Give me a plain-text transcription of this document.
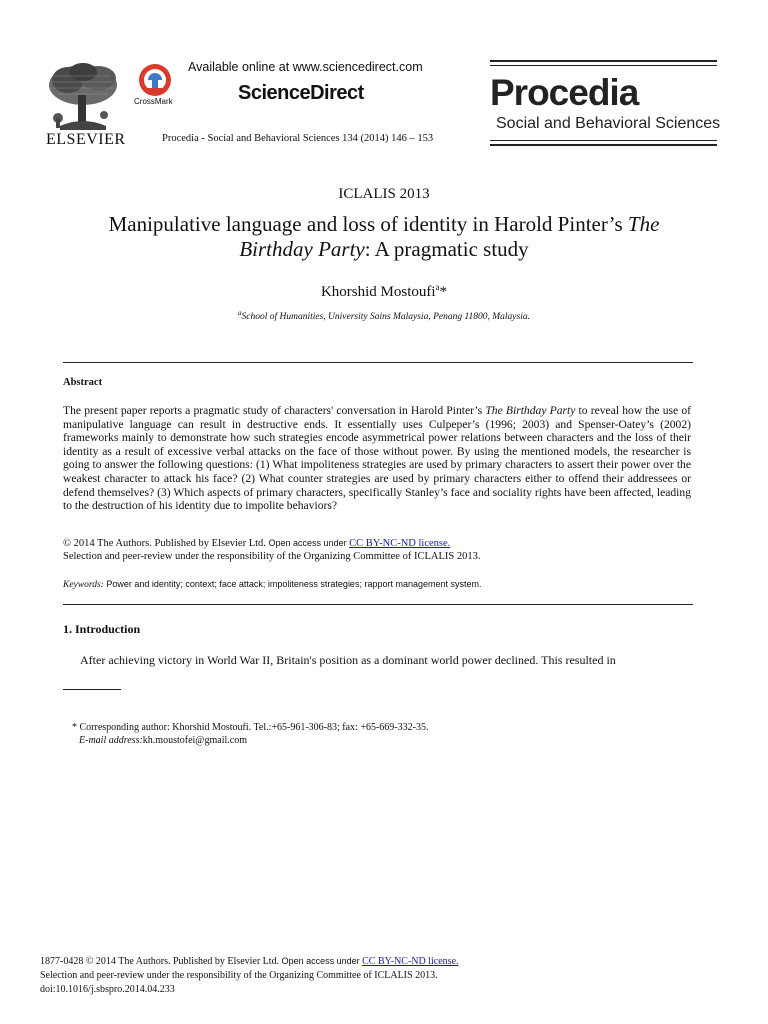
ELSEVIER
CrossMark
Available online at www.sciencedirect.com
ScienceDirect
Procedia - Social and Behavioral Sciences 134 (2014) 146 – 153
Procedia
Social and Behavioral Sciences
ICLALIS 2013
Manipulative language and loss of identity in Harold Pinter’s The
Birthday Party: A pragmatic study
Khorshid Mostoufi$^a$*
$^a$School of Humanities, University Sains Malaysia, Penang 11800, Malaysia.
Abstract
The present paper reports a pragmatic study of characters' conversation in Harold Pinter’s The Birthday Party to reveal how the use of manipulative language can result in destructive ends. It essentially uses Culpeper’s (1996; 2003) and Spenser-Oatey’s (2002) frameworks mainly to demonstrate how such strategies encode asymmetrical power relations between characters and the loss of their identity as a result of excessive verbal attacks on the face of those without power. By using the mentioned models, the researcher is going to answer the following questions: (1) What impoliteness strategies are used by primary characters to assert their power over the weakest character to attack his face? (2) What counter strategies are used by primary characters either to offend their addressees or defend themselves? (3) Which aspects of primary characters, specifically Stanley’s face and sociality rights have been affected, leading to the destruction of his identity due to impolite behaviors?
© 2014 The Authors. Published by Elsevier Ltd. Open access under CC BY-NC-ND license.
Selection and peer-review under the responsibility of the Organizing Committee of ICLALIS 2013.
Keywords: Power and identity; context; face attack; impoliteness strategies; rapport management system.
1. Introduction
After achieving victory in World War II, Britain's position as a dominant world power declined. This resulted in
* Corresponding author: Khorshid Mostoufi. Tel.:+65-961-306-83; fax: +65-669-332-35.
E-mail address:kh.moustofei@gmail.com
1877-0428 © 2014 The Authors. Published by Elsevier Ltd. Open access under CC BY-NC-ND license.
Selection and peer-review under the responsibility of the Organizing Committee of ICLALIS 2013.
doi:10.1016/j.sbspro.2014.04.233
